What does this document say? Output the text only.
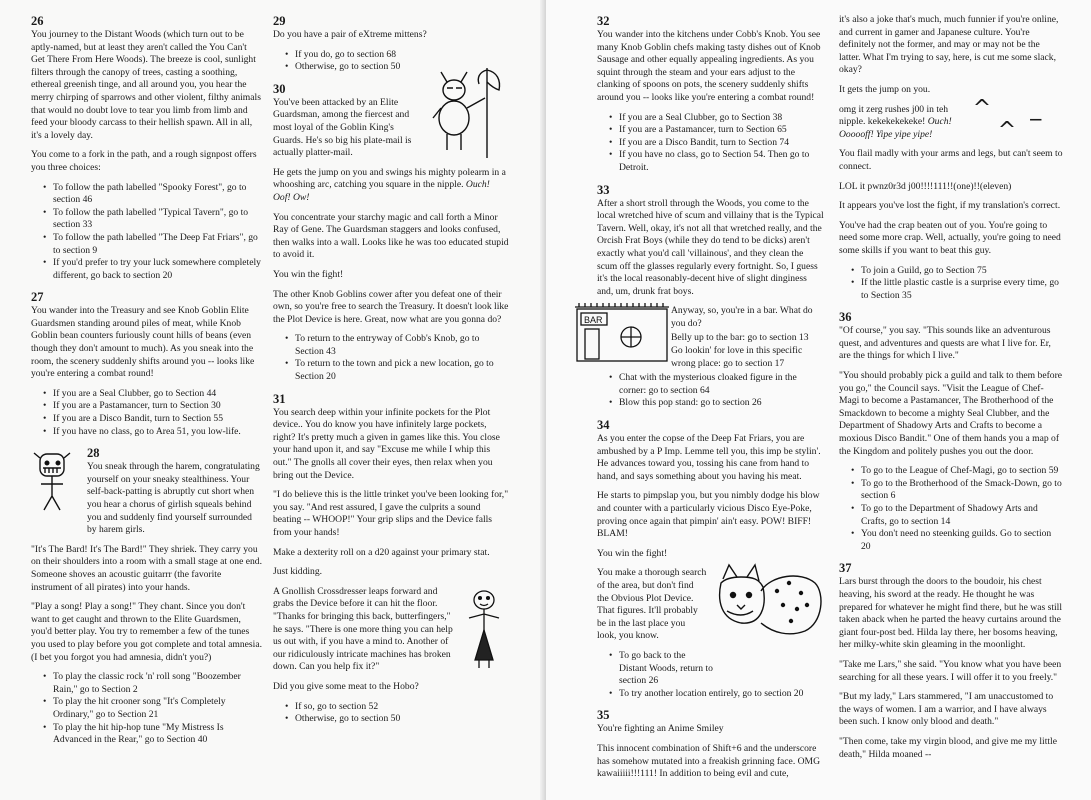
26

You journey to the Distant Woods (which turn out to be aptly-named, but at least they aren't called the You Can't Get There From Here Woods). The breeze is cool, sunlight filters through the canopy of trees, casting a soothing, ethereal greenish tinge, and all around you, you hear the merry chirping of sparrows and other violent, filthy animals that would no doubt love to tear you limb from limb and feed your bloody carcass to their hellish spawn. All in all, it's a lovely day.

You come to a fork in the path, and a rough signpost offers you three choices:

• To follow the path labelled "Spooky Forest", go to section 46
• To follow the path labelled "Typical Tavern", go to section 33
• To follow the path labelled "The Deep Fat Friars", go to section 9
• If you'd prefer to try your luck somewhere completely different, go back to section 20
27

You wander into the Treasury and see Knob Goblin Elite Guardsmen standing around piles of meat, while Knob Goblin bean counters furiously count hills of beans (even though they don't amount to much). As you sneak into the room, the scenery suddenly shifts around you -- looks like you're entering a combat round!

• If you are a Seal Clubber, go to Section 44
• If you are a Pastamancer, turn to Section 30
• If you are a Disco Bandit, turn to Section 55
• If you have no class, go to Area 51, you low-life.
28

You sneak through the harem, congratulating yourself on your sneaky stealthiness. Your self-back-patting is abruptly cut short when you hear a chorus of girlish squeals behind you and suddenly find yourself surrounded by harem girls.

"It's The Bard! It's The Bard!" They shriek. They carry you on their shoulders into a room with a small stage at one end. Someone shoves an acoustic guitarrr (the favorite instrument of all pirates) into your hands.

"Play a song! Play a song!" They chant. Since you don't want to get caught and thrown to the Elite Guardsmen, you'd better play. You try to remember a few of the tunes you used to play before you got complete and total amnesia. (I bet you forgot you had amnesia, didn't you?)

• To play the classic rock 'n' roll song "Boozember Rain," go to Section 2
• To play the hit crooner song "It's Completely Ordinary," go to Section 21
• To play the hit hip-hop tune "My Mistress Is Advanced in the Rear," go to Section 40
29

Do you have a pair of eXtreme mittens?

• If you do, go to section 68
• Otherwise, go to section 50
30

You've been attacked by an Elite Guardsman, among the fiercest and most loyal of the Goblin King's Guards. He's so big his plate-mail is actually platter-mail.

He gets the jump on you and swings his mighty polearm in a whooshing arc, catching you square in the nipple. Ouch! Oof! Ow!

You concentrate your starchy magic and call forth a Minor Ray of Gene. The Guardsman staggers and looks confused, then walks into a wall. Looks like he was too educated stupid to avoid it.

You win the fight!

The other Knob Goblins cower after you defeat one of their own, so you're free to search the Treasury. It doesn't look like the Plot Device is here. Great, now what are you gonna do?

• To return to the entryway of Cobb's Knob, go to Section 43
• To return to the town and pick a new location, go to Section 20
31

You search deep within your infinite pockets for the Plot device.. You do know you have infinitely large pockets, right? It's pretty much a given in games like this. You close your hand upon it, and say "Excuse me while I whip this out." The gnolls all cover their eyes, then relax when you bring out the Device.

"I do believe this is the little trinket you've been looking for," you say. "And rest assured, I gave the culprits a sound beating -- WHOOP!" Your grip slips and the Device falls from your hands!

Make a dexterity roll on a d20 against your primary stat.

Just kidding.

A Gnollish Crossdresser leaps forward and grabs the Device before it can hit the floor. "Thanks for bringing this back, butterfingers," he says. "There is one more thing you can help us out with, if you have a mind to. Another of our ridiculously intricate machines has broken down. Can you help fix it?"

Did you give some meat to the Hobo?

• If so, go to section 52
• Otherwise, go to section 50
32

You wander into the kitchens under Cobb's Knob. You see many Knob Goblin chefs making tasty dishes out of Knob Sausage and other equally appealing ingredients. As you squint through the steam and your ears adjust to the clanking of spoons on pots, the scenery suddenly shifts around you -- looks like you're entering a combat round!

• If you are a Seal Clubber, go to Section 38
• If you are a Pastamancer, turn to Section 65
• If you are a Disco Bandit, turn to Section 74
• If you have no class, go to Section 54. Then go to Detroit.
33

After a short stroll through the Woods, you come to the local wretched hive of scum and villainy that is the Typical Tavern. Well, okay, it's not all that wretched really, and the Orcish Frat Boys (while they do tend to be dicks) aren't exactly what you'd call 'villainous', and they clean the scum off the glasses regularly every fortnight. So, I guess it's the local reasonably-decent hive of slight dinginess and, um, drunk frat boys.

BAR

Anyway, so, you're in a bar. What do you do?

Belly up to the bar: go to section 13
Go lookin' for love in this specific wrong place: go to section 17
• Chat with the mysterious cloaked figure in the corner: go to section 64
• Blow this pop stand: go to section 26
34

As you enter the copse of the Deep Fat Friars, you are ambushed by a P Imp. Lemme tell you, this imp be stylin'. He advances toward you, tossing his cane from hand to hand, and says something about you having his meat.

He starts to pimpslap you, but you nimbly dodge his blow and counter with a particularly vicious Disco Eye-Poke, proving once again that pimpin' ain't easy. POW! BIFF! BLAM!

You win the fight!

You make a thorough search of the area, but don't find the Obvious Plot Device. That figures. It'll probably be in the last place you look, you know.

• To go back to the Distant Woods, return to section 26
• To try another location entirely, go to section 20
35

You're fighting an Anime Smiley

This innocent combination of Shift+6 and the underscore has somehow mutated into a freakish grinning face. OMG kawaiiiii!!!111! In addition to being evil and cute,

it's also a joke that's much, much funnier if you're online, and current in gamer and Japanese culture. You're definitely not the former, and may or may not be the latter. What I'm trying to say, here, is cut me some slack, okay?

It gets the jump on you.

^ _ ^

omg it zerg rushes j00 in teh nipple. kekekekekeke! Ouch! Oooooff! Yipe yipe yipe!

You flail madly with your arms and legs, but can't seem to connect.

LOL it pwnz0r3d j00!!!!111!!(one)!!(eleven)

It appears you've lost the fight, if my translation's correct.

You've had the crap beaten out of you. You're going to need some more crap. Well, actually, you're going to need some skills if you want to beat this guy.

• To join a Guild, go to Section 75
• If the little plastic castle is a surprise every time, go to Section 35
36

"Of course," you say. "This sounds like an adventurous quest, and adventures and quests are what I live for. Er, are the things for which I live."

"You should probably pick a guild and talk to them before you go," the Council says. "Visit the League of Chef-Magi to become a Pastamancer, The Brotherhood of the Smackdown to become a mighty Seal Clubber, and the Department of Shadowy Arts and Crafts to become a moxious Disco Bandit." One of them hands you a map of the Kingdom and politely pushes you out the door.

• To go to the League of Chef-Magi, go to section 59
• To go to the Brotherhood of the Smack-Down, go to section 6
• To go to the Department of Shadowy Arts and Crafts, go to section 14
• You don't need no steenking guilds. Go to section 20
37

Lars burst through the doors to the boudoir, his chest heaving, his sword at the ready. He thought he was prepared for whatever he might find there, but he was still taken aback when he parted the heavy curtains around the giant four-post bed. Hilda lay there, her bosoms heaving, her milky-white skin gleaming in the moonlight.

"Take me Lars," she said. "You know what you have been searching for all these years. I will offer it to you freely."

"But my lady," Lars stammered, "I am unaccustomed to the ways of women. I am a warrior, and I have always been such. I know only blood and death."

"Then come, take my virgin blood, and give me my little death," Hilda moaned --
